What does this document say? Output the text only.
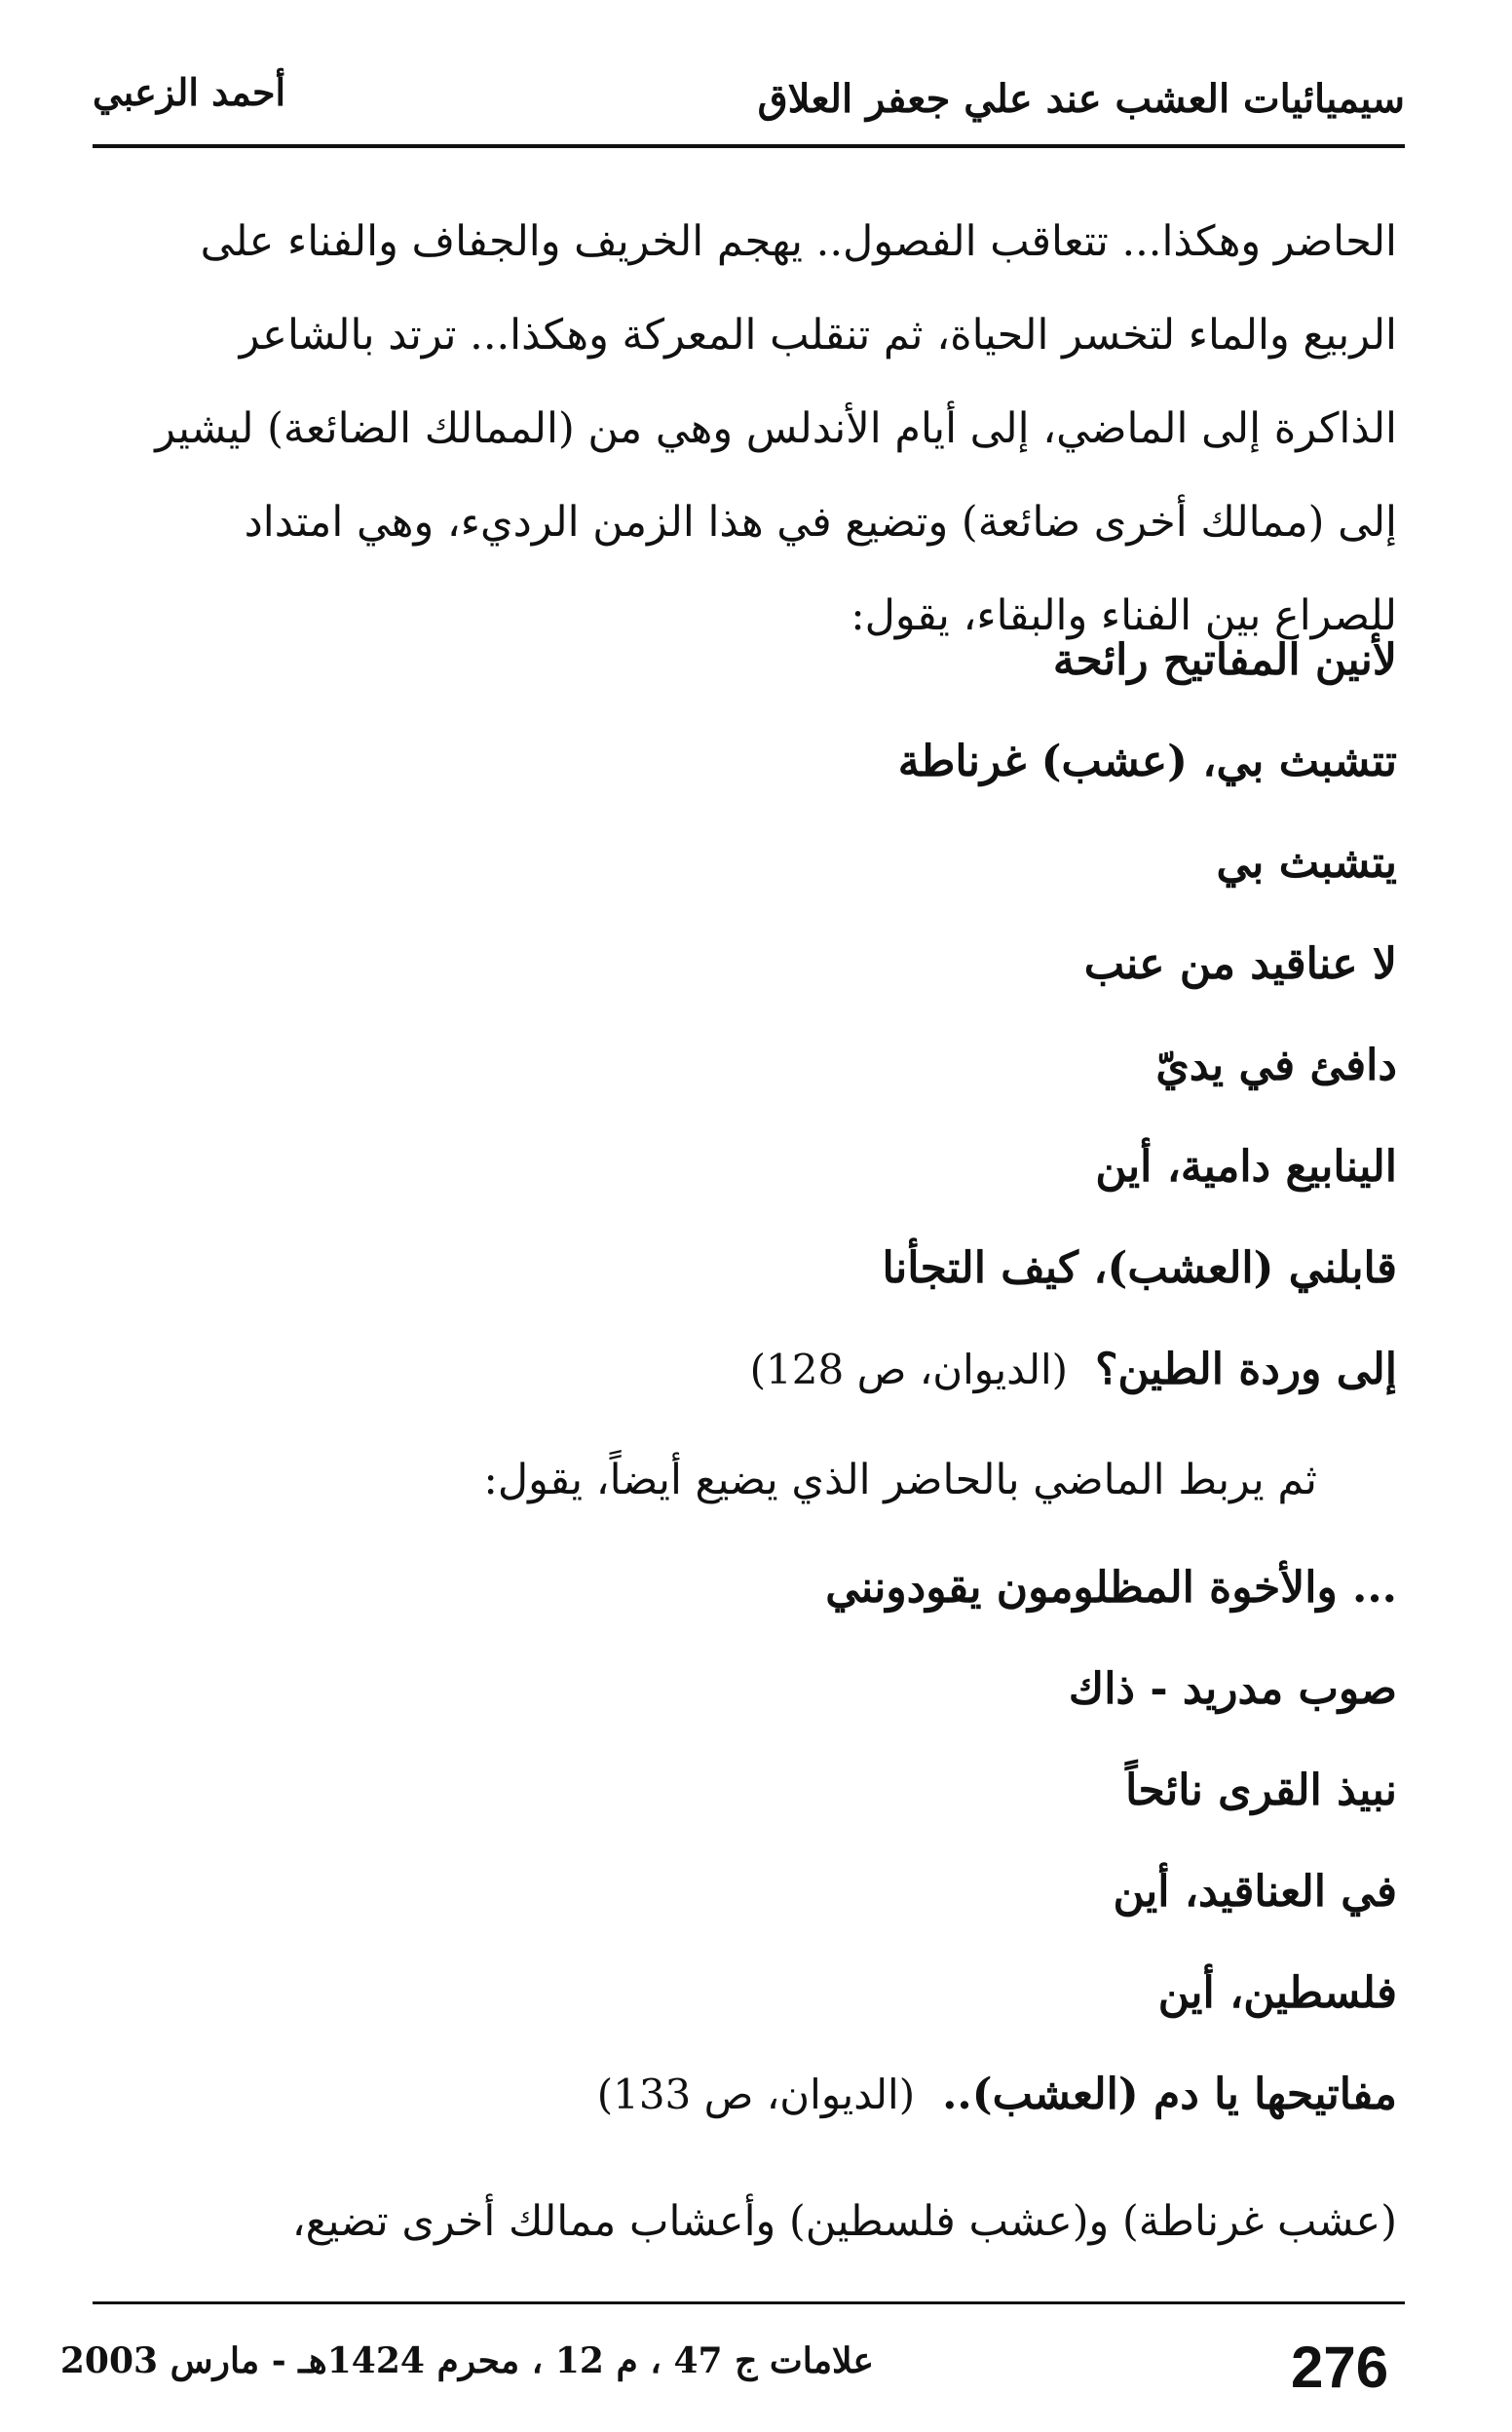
سيميائيات العشب عند علي جعفر العلاق
أحمد الزعبي
الحاضر وهكذا... تتعاقب الفصول.. يهجم الخريف والجفاف والفناء على
الربيع والماء لتخسر الحياة، ثم تنقلب المعركة وهكذا... ترتد بالشاعر
الذاكرة إلى الماضي، إلى أيام الأندلس وهي من (الممالك الضائعة) ليشير
إلى (ممالك أخرى ضائعة) وتضيع في هذا الزمن الرديء، وهي امتداد
للصراع بين الفناء والبقاء، يقول:
لأنين المفاتيح رائحة
تتشبث بي، (عشب) غرناطة
يتشبث بي
لا عناقيد من عنب
دافئ في يديّ
الينابيع دامية، أين
قابلني (العشب)، كيف التجأنا
إلى وردة الطين؟(الديوان، ص 128)
ثم يربط الماضي بالحاضر الذي يضيع أيضاً، يقول:
... والأخوة المظلومون يقودونني
صوب مدريد - ذاك
نبيذ القرى نائحاً
في العناقيد، أين
فلسطين، أين
مفاتيحها يا دم (العشب)..(الديوان، ص 133)
(عشب غرناطة) و(عشب فلسطين) وأعشاب ممالك أخرى تضيع،
علامات ج 47 ، م 12 ، محرم 1424هـ - مارس 2003	276
